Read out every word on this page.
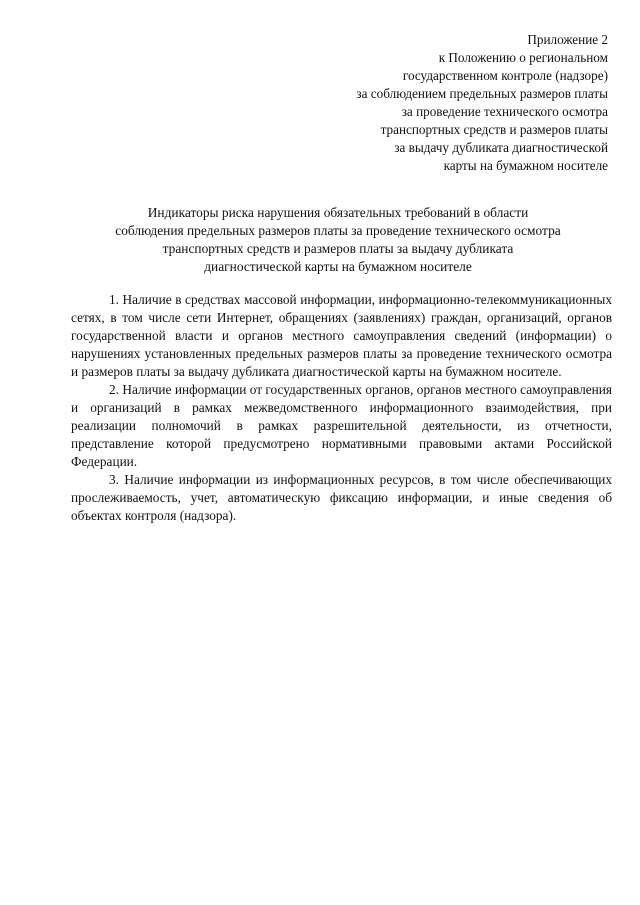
Приложение 2
к Положению о региональном
государственном контроле (надзоре)
за соблюдением предельных размеров платы
за проведение технического осмотра
транспортных средств и размеров платы
за выдачу дубликата диагностической
карты на бумажном носителе
Индикаторы риска нарушения обязательных требований в области
соблюдения предельных размеров платы за проведение технического осмотра
транспортных средств и размеров платы за выдачу дубликата
диагностической карты на бумажном носителе

1. Наличие в средствах массовой информации, информационно-телекоммуникационных сетях, в том числе сети Интернет, обращениях (заявлениях) граждан, организаций, органов государственной власти и органов местного самоуправления сведений (информации) о нарушениях установленных предельных размеров платы за проведение технического осмотра и размеров платы за выдачу дубликата диагностической карты на бумажном носителе.

2. Наличие информации от государственных органов, органов местного самоуправления и организаций в рамках межведомственного информационного взаимодействия, при реализации полномочий в рамках разрешительной деятельности, из отчетности, представление которой предусмотрено нормативными правовыми актами Российской Федерации.

3. Наличие информации из информационных ресурсов, в том числе обеспечивающих прослеживаемость, учет, автоматическую фиксацию информации, и иные сведения об объектах контроля (надзора).
